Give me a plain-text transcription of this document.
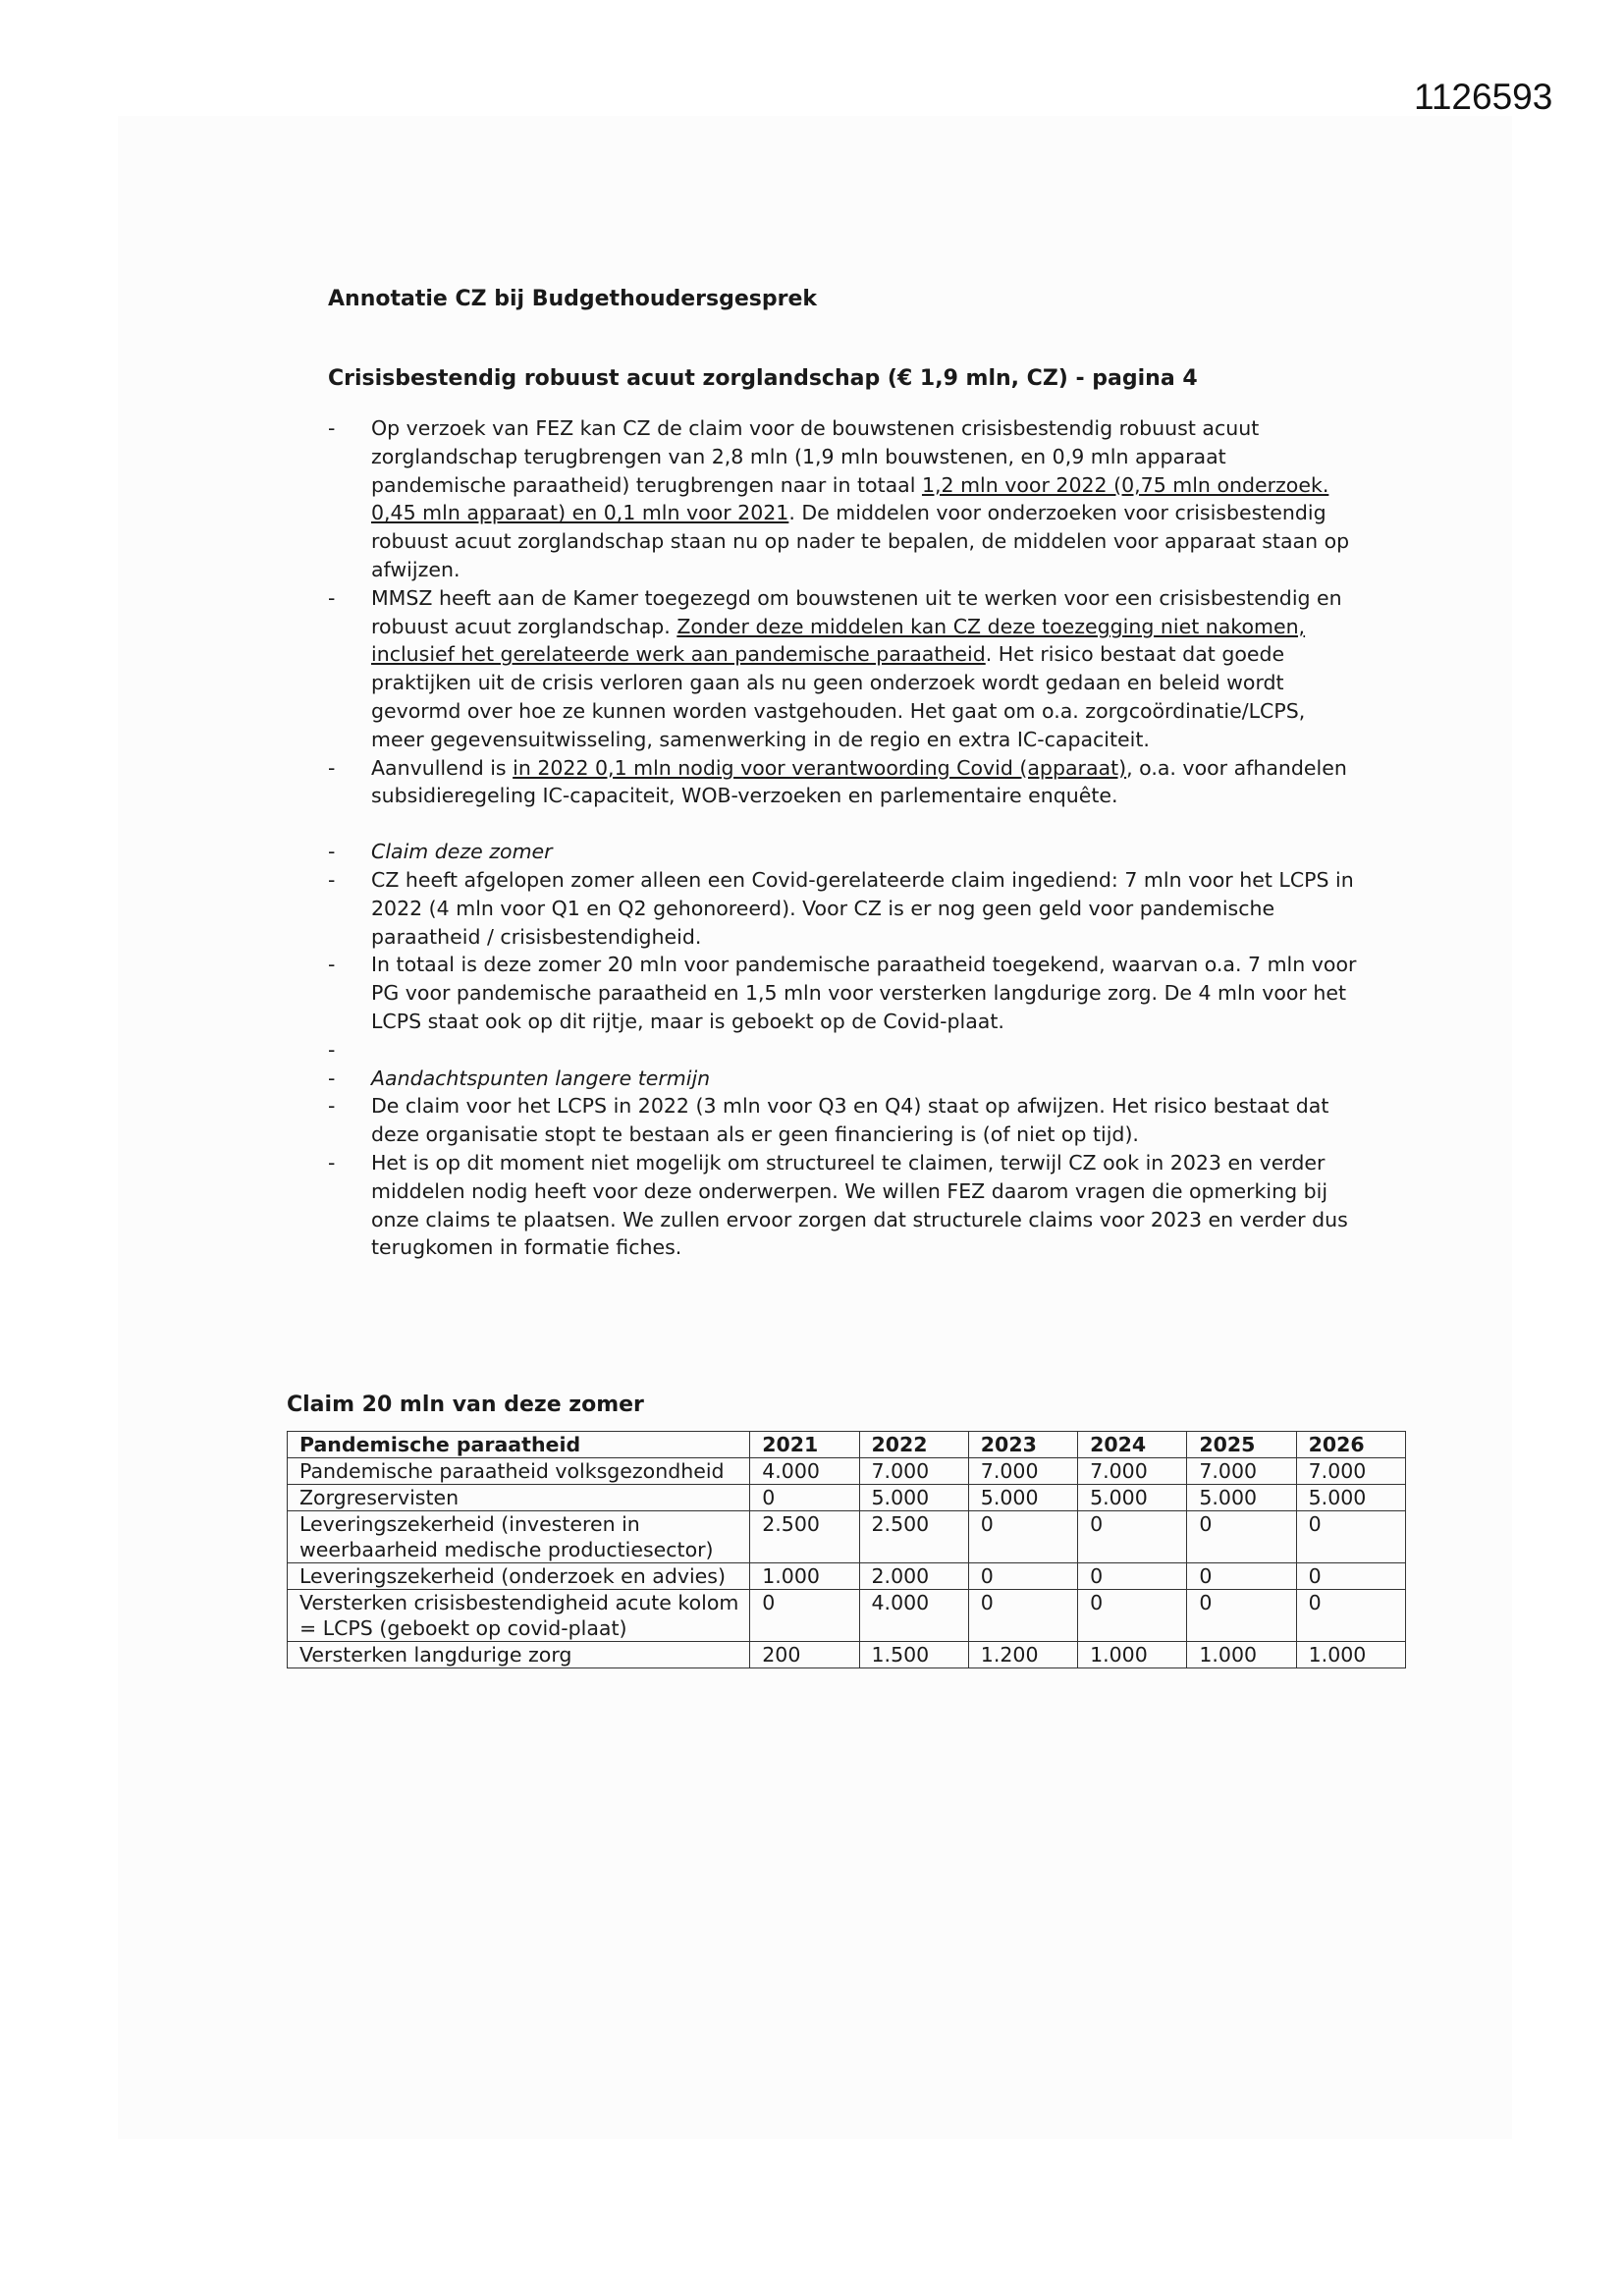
1126593

Annotatie CZ bij Budgethoudersgesprek

Crisisbestendig robuust acuut zorglandschap (€ 1,9 mln, CZ) - pagina 4

-	Op verzoek van FEZ kan CZ de claim voor de bouwstenen crisisbestendig robuust acuut zorglandschap terugbrengen van 2,8 mln (1,9 mln bouwstenen, en 0,9 mln apparaat pandemische paraatheid) terugbrengen naar in totaal 1,2 mln voor 2022 (0,75 mln onderzoek. 0,45 mln apparaat) en 0,1 mln voor 2021. De middelen voor onderzoeken voor crisisbestendig robuust acuut zorglandschap staan nu op nader te bepalen, de middelen voor apparaat staan op afwijzen.
-	MMSZ heeft aan de Kamer toegezegd om bouwstenen uit te werken voor een crisisbestendig en robuust acuut zorglandschap. Zonder deze middelen kan CZ deze toezegging niet nakomen, inclusief het gerelateerde werk aan pandemische paraatheid. Het risico bestaat dat goede praktijken uit de crisis verloren gaan als nu geen onderzoek wordt gedaan en beleid wordt gevormd over hoe ze kunnen worden vastgehouden. Het gaat om o.a. zorgcoördinatie/LCPS, meer gegevensuitwisseling, samenwerking in de regio en extra IC-capaciteit.
-	Aanvullend is in 2022 0,1 mln nodig voor verantwoording Covid (apparaat), o.a. voor afhandelen subsidieregeling IC-capaciteit, WOB-verzoeken en parlementaire enquête.
-	Claim deze zomer
-	CZ heeft afgelopen zomer alleen een Covid-gerelateerde claim ingediend: 7 mln voor het LCPS in 2022 (4 mln voor Q1 en Q2 gehonoreerd). Voor CZ is er nog geen geld voor pandemische paraatheid / crisisbestendigheid.
-	In totaal is deze zomer 20 mln voor pandemische paraatheid toegekend, waarvan o.a. 7 mln voor PG voor pandemische paraatheid en 1,5 mln voor versterken langdurige zorg. De 4 mln voor het LCPS staat ook op dit rijtje, maar is geboekt op de Covid-plaat.
-

-	Aandachtspunten langere termijn
-	De claim voor het LCPS in 2022 (3 mln voor Q3 en Q4) staat op afwijzen. Het risico bestaat dat deze organisatie stopt te bestaan als er geen financiering is (of niet op tijd).
-	Het is op dit moment niet mogelijk om structureel te claimen, terwijl CZ ook in 2023 en verder middelen nodig heeft voor deze onderwerpen. We willen FEZ daarom vragen die opmerking bij onze claims te plaatsen. We zullen ervoor zorgen dat structurele claims voor 2023 en verder dus terugkomen in formatie fiches.

Claim 20 mln van deze zomer

Pandemische paraatheid	2021	2022	2023	2024	2025	2026
Pandemische paraatheid volksgezondheid	4.000	7.000	7.000	7.000	7.000	7.000
Zorgreservisten	0	5.000	5.000	5.000	5.000	5.000
Leveringszekerheid (investeren in weerbaarheid medische productiesector)	2.500	2.500	0	0	0	0
Leveringszekerheid (onderzoek en advies)	1.000	2.000	0	0	0	0
Versterken crisisbestendigheid acute kolom = LCPS (geboekt op covid-plaat)	0	4.000	0	0	0	0
Versterken langdurige zorg	200	1.500	1.200	1.000	1.000	1.000
